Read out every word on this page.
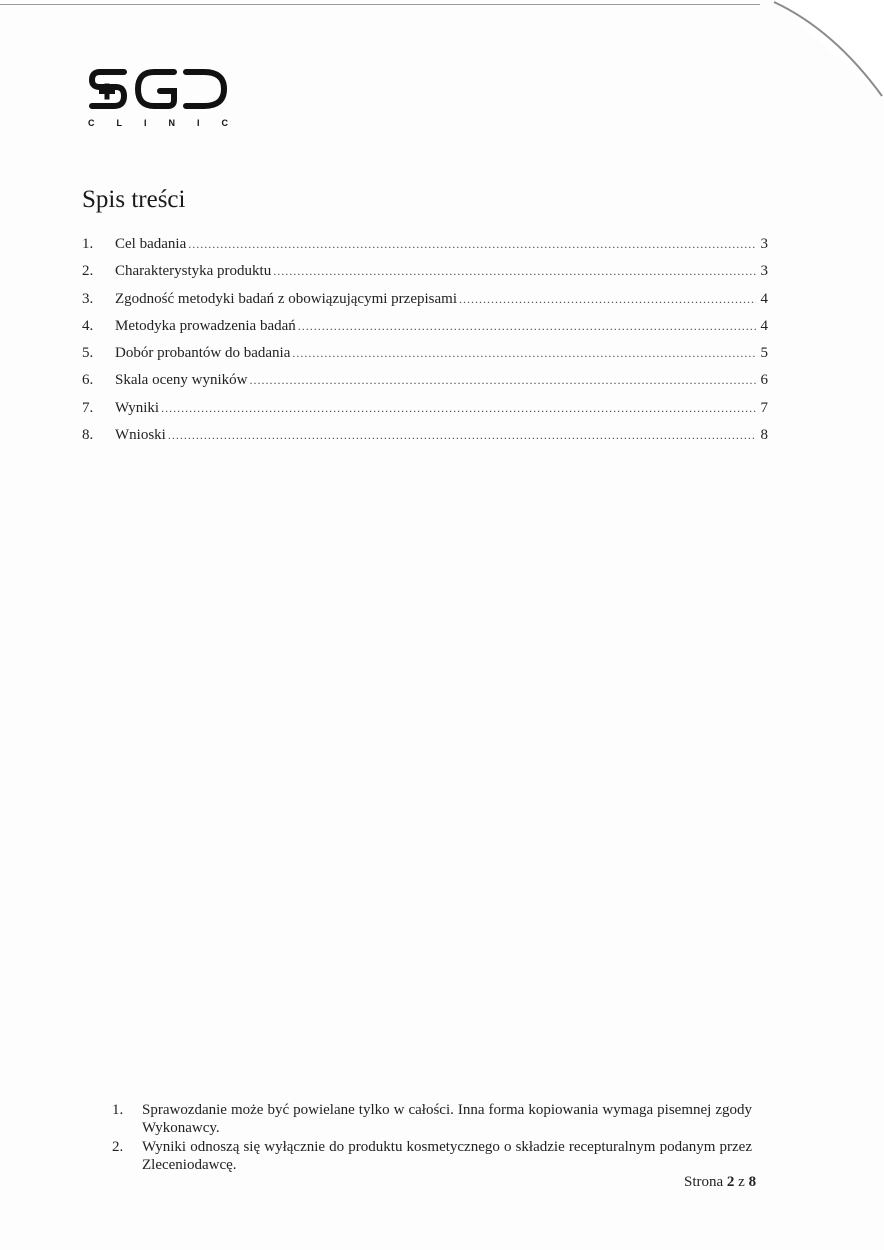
C L I N I C
Spis treści
1.	Cel badania .....	3
2.	Charakterystyka produktu .....	3
3.	Zgodność metodyki badań z obowiązującymi przepisami .....	4
4.	Metodyka prowadzenia badań .....	4
5.	Dobór probantów do badania .....	5
6.	Skala oceny wyników .....	6
7.	Wyniki .....	7
8.	Wnioski .....	8
1.	Sprawozdanie może być powielane tylko w całości. Inna forma kopiowania wymaga pisemnej zgody Wykonawcy.
2.	Wyniki odnoszą się wyłącznie do produktu kosmetycznego o składzie recepturalnym podanym przez Zleceniodawcę.
Strona 2 z 8
